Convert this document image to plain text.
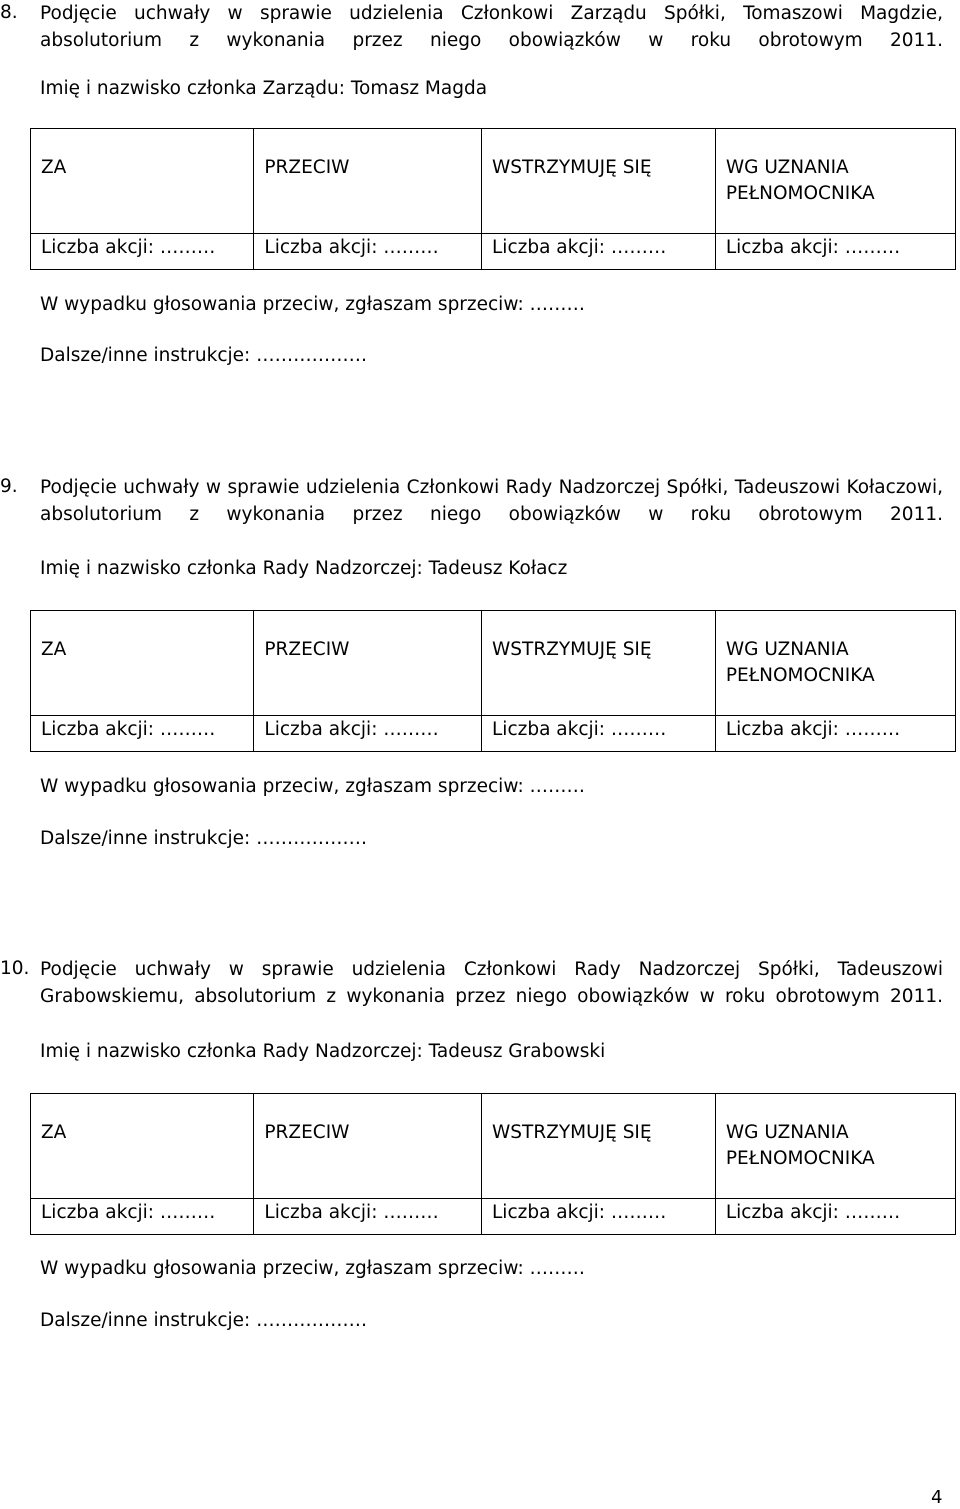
8. Podjęcie uchwały w sprawie udzielenia Członkowi Zarządu Spółki, Tomaszowi Magdzie, absolutorium z wykonania przez niego obowiązków w roku obrotowym 2011.
Imię i nazwisko członka Zarządu: Tomasz Magda
ZA	PRZECIW	WSTRZYMUJĘ SIĘ	WG UZNANIA PEŁNOMOCNIKA
Liczba akcji: ………	Liczba akcji: ………	Liczba akcji: ………	Liczba akcji: ………
W wypadku głosowania przeciw, zgłaszam sprzeciw: ………
Dalsze/inne instrukcje: ………………
9. Podjęcie uchwały w sprawie udzielenia Członkowi Rady Nadzorczej Spółki, Tadeuszowi Kołaczowi, absolutorium z wykonania przez niego obowiązków w roku obrotowym 2011.
Imię i nazwisko członka Rady Nadzorczej: Tadeusz Kołacz
ZA	PRZECIW	WSTRZYMUJĘ SIĘ	WG UZNANIA PEŁNOMOCNIKA
Liczba akcji: ………	Liczba akcji: ………	Liczba akcji: ………	Liczba akcji: ………
W wypadku głosowania przeciw, zgłaszam sprzeciw: ………
Dalsze/inne instrukcje: ………………
10. Podjęcie uchwały w sprawie udzielenia Członkowi Rady Nadzorczej Spółki, Tadeuszowi Grabowskiemu, absolutorium z wykonania przez niego obowiązków w roku obrotowym 2011.
Imię i nazwisko członka Rady Nadzorczej: Tadeusz Grabowski
ZA	PRZECIW	WSTRZYMUJĘ SIĘ	WG UZNANIA PEŁNOMOCNIKA
Liczba akcji: ………	Liczba akcji: ………	Liczba akcji: ………	Liczba akcji: ………
W wypadku głosowania przeciw, zgłaszam sprzeciw: ………
Dalsze/inne instrukcje: ………………
4
